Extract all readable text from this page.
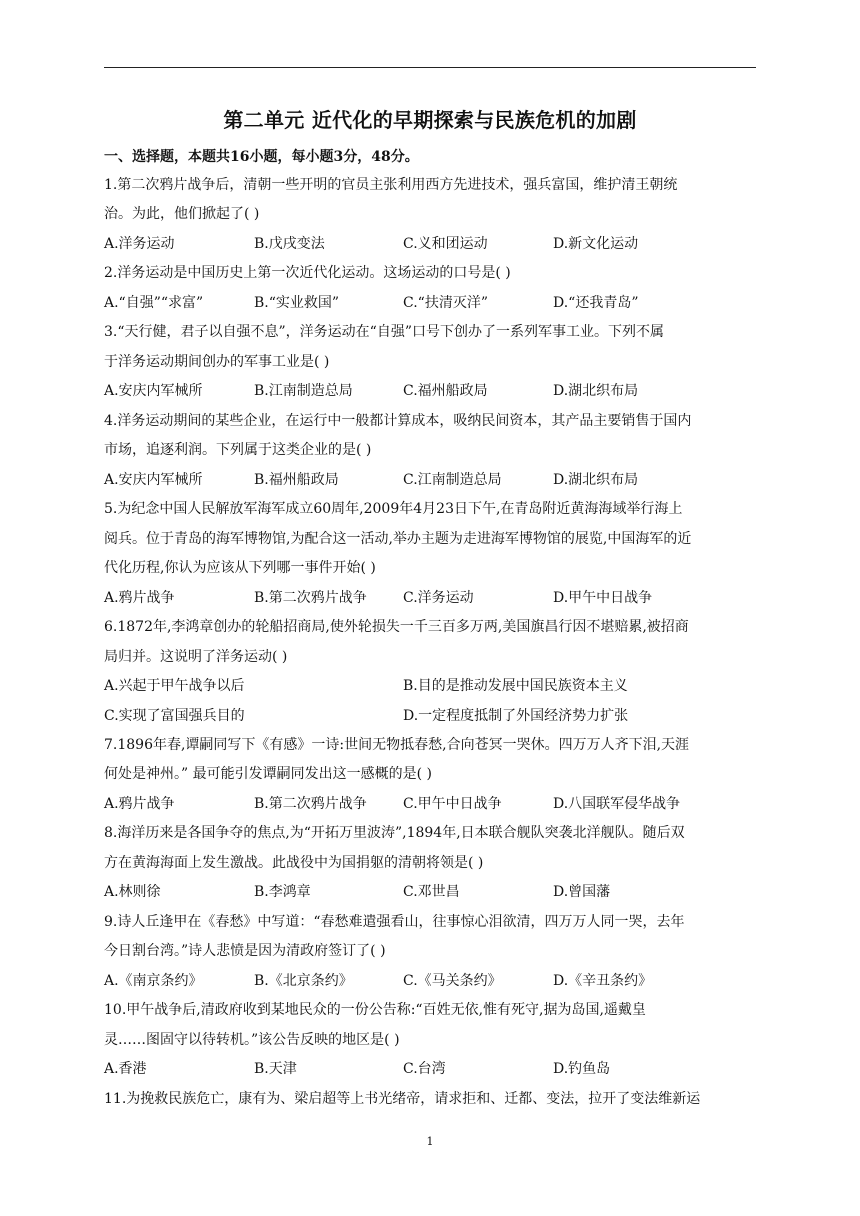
第二单元 近代化的早期探索与民族危机的加剧
一、选择题，本题共16小题，每小题3分，48分。
1.第二次鸦片战争后，清朝一些开明的官员主张利用西方先进技术，强兵富国，维护清王朝统
治。为此，他们掀起了( )
A.洋务运动	B.戊戌变法	C.义和团运动	D.新文化运动
2.洋务运动是中国历史上第一次近代化运动。这场运动的口号是( )
A.“自强”“求富”	B.“实业救国”	C.“扶清灭洋”	D.“还我青岛”
3.“天行健，君子以自强不息”，洋务运动在“自强”口号下创办了一系列军事工业。下列不属
于洋务运动期间创办的军事工业是( )
A.安庆内军械所	B.江南制造总局	C.福州船政局	D.湖北织布局
4.洋务运动期间的某些企业，在运行中一般都计算成本，吸纳民间资本，其产品主要销售于国内
市场，追逐利润。下列属于这类企业的是( )
A.安庆内军械所	B.福州船政局	C.江南制造总局	D.湖北织布局
5.为纪念中国人民解放军海军成立60周年,2009年4月23日下午,在青岛附近黄海海域举行海上
阅兵。位于青岛的海军博物馆,为配合这一活动,举办主题为走进海军博物馆的展览,中国海军的近
代化历程,你认为应该从下列哪一事件开始( )
A.鸦片战争	B.第二次鸦片战争	C.洋务运动	D.甲午中日战争
6.1872年,李鸿章创办的轮船招商局,使外轮损失一千三百多万两,美国旗昌行因不堪赔累,被招商
局归并。这说明了洋务运动( )
A.兴起于甲午战争以后	B.目的是推动发展中国民族资本主义
C.实现了富国强兵目的	D.一定程度抵制了外国经济势力扩张
7.1896年春,谭嗣同写下《有感》一诗:世间无物抵春愁,合向苍冥一哭休。四万万人齐下泪,天涯
何处是神州。” 最可能引发谭嗣同发出这一感概的是( )
A.鸦片战争	B.第二次鸦片战争	C.甲午中日战争	D.八国联军侵华战争
8.海洋历来是各国争夺的焦点,为“开拓万里波涛”,1894年,日本联合舰队突袭北洋舰队。随后双
方在黄海海面上发生激战。此战役中为国捐躯的清朝将领是( )
A.林则徐	B.李鸿章	C.邓世昌	D.曾国藩
9.诗人丘逢甲在《春愁》中写道：“春愁难遣强看山，往事惊心泪欲清，四万万人同一哭，去年
今日割台湾。”诗人悲愤是因为清政府签订了( )
A.《南京条约》	B.《北京条约》	C.《马关条约》	D.《辛丑条约》
10.甲午战争后,清政府收到某地民众的一份公告称:“百姓无依,惟有死守,据为岛国,遥戴皇
灵……图固守以待转机。”该公告反映的地区是( )
A.香港	B.天津	C.台湾	D.钓鱼岛
11.为挽救民族危亡，康有为、梁启超等上书光绪帝，请求拒和、迁都、变法，拉开了变法维新运
1
